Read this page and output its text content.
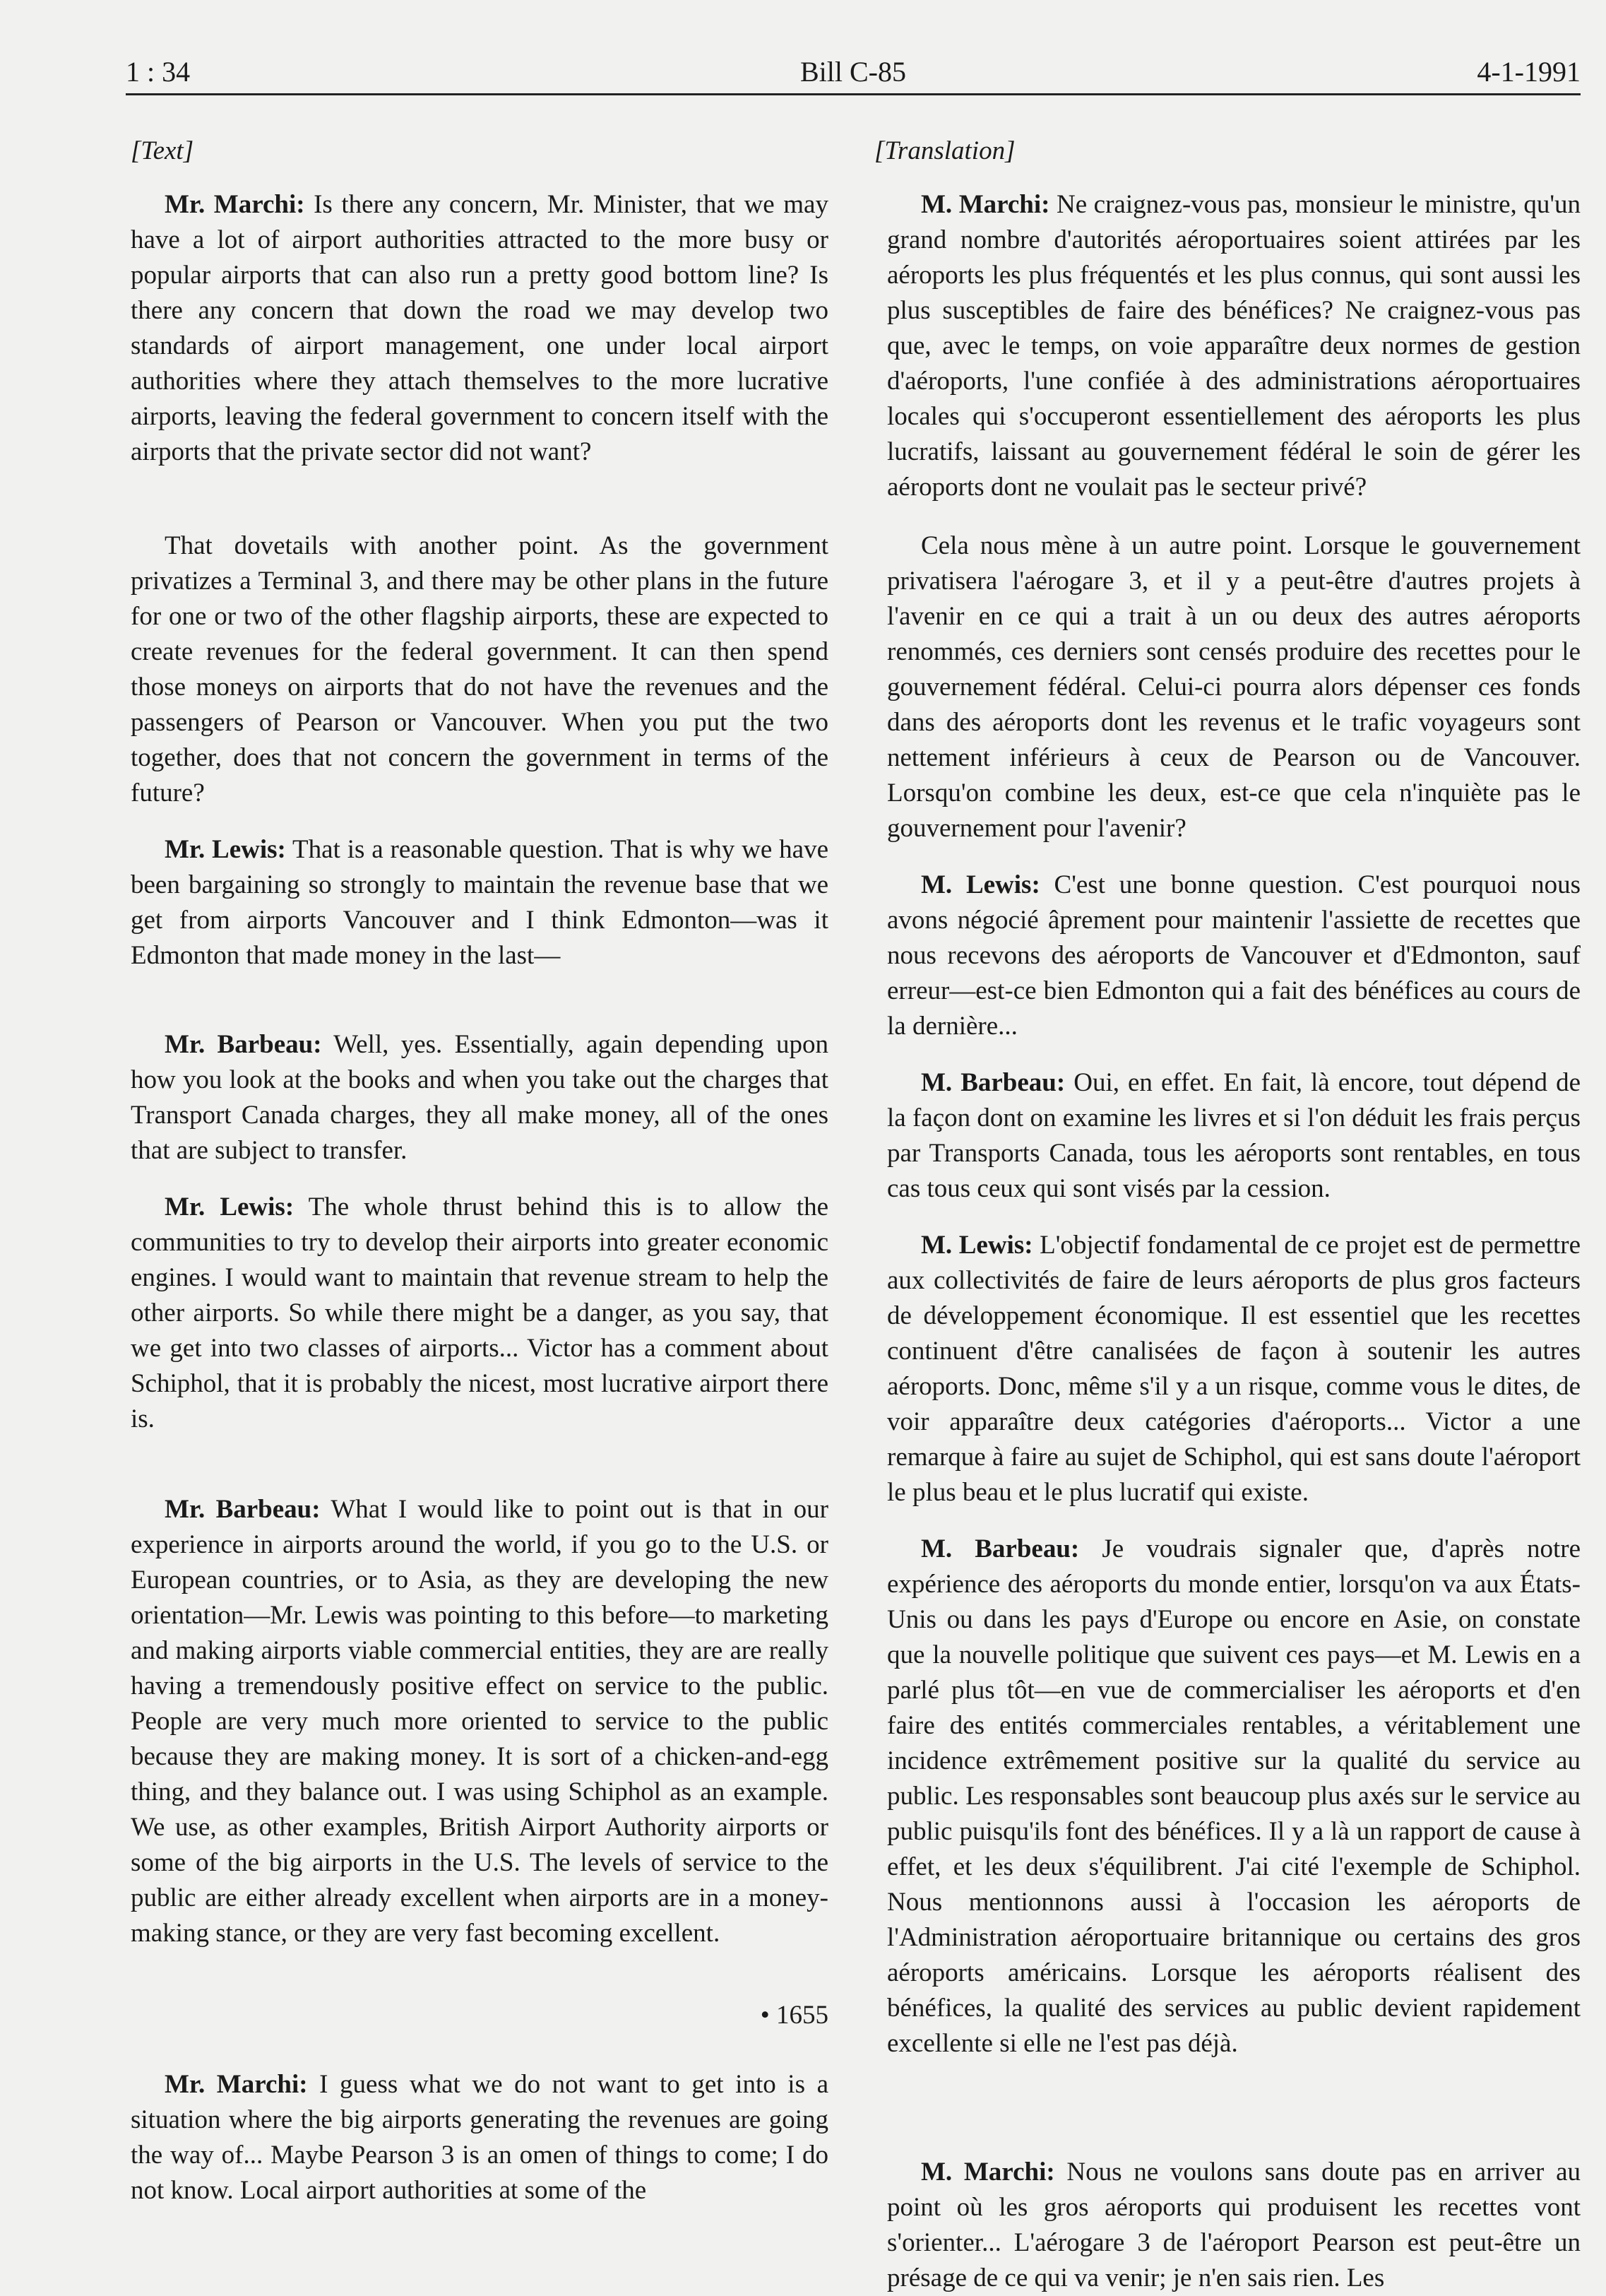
1 : 34	Bill C-85	4-1-1991
[Text]	[Translation]

Mr. Marchi: Is there any concern, Mr. Minister, that we may have a lot of airport authorities attracted to the more busy or popular airports that can also run a pretty good bottom line? Is there any concern that down the road we may develop two standards of airport management, one under local airport authorities where they attach themselves to the more lucrative airports, leaving the federal government to concern itself with the airports that the private sector did not want?

That dovetails with another point. As the government privatizes a Terminal 3, and there may be other plans in the future for one or two of the other flagship airports, these are expected to create revenues for the federal government. It can then spend those moneys on airports that do not have the revenues and the passengers of Pearson or Vancouver. When you put the two together, does that not concern the government in terms of the future?

Mr. Lewis: That is a reasonable question. That is why we have been bargaining so strongly to maintain the revenue base that we get from airports Vancouver and I think Edmonton—was it Edmonton that made money in the last—

Mr. Barbeau: Well, yes. Essentially, again depending upon how you look at the books and when you take out the charges that Transport Canada charges, they all make money, all of the ones that are subject to transfer.

Mr. Lewis: The whole thrust behind this is to allow the communities to try to develop their airports into greater economic engines. I would want to maintain that revenue stream to help the other airports. So while there might be a danger, as you say, that we get into two classes of airports... Victor has a comment about Schiphol, that it is probably the nicest, most lucrative airport there is.

Mr. Barbeau: What I would like to point out is that in our experience in airports around the world, if you go to the U.S. or European countries, or to Asia, as they are developing the new orientation—Mr. Lewis was pointing to this before—to marketing and making airports viable commercial entities, they are are really having a tremendously positive effect on service to the public. People are very much more oriented to service to the public because they are making money. It is sort of a chicken-and-egg thing, and they balance out. I was using Schiphol as an example. We use, as other examples, British Airport Authority airports or some of the big airports in the U.S. The levels of service to the public are either already excellent when airports are in a money-making stance, or they are very fast becoming excellent.

• 1655

Mr. Marchi: I guess what we do not want to get into is a situation where the big airports generating the revenues are going the way of... Maybe Pearson 3 is an omen of things to come; I do not know. Local airport authorities at some of the

M. Marchi: Ne craignez-vous pas, monsieur le ministre, qu'un grand nombre d'autorités aéroportuaires soient attirées par les aéroports les plus fréquentés et les plus connus, qui sont aussi les plus susceptibles de faire des bénéfices? Ne craignez-vous pas que, avec le temps, on voie apparaître deux normes de gestion d'aéroports, l'une confiée à des administrations aéroportuaires locales qui s'occuperont essentiellement des aéroports les plus lucratifs, laissant au gouvernement fédéral le soin de gérer les aéroports dont ne voulait pas le secteur privé?

Cela nous mène à un autre point. Lorsque le gouvernement privatisera l'aérogare 3, et il y a peut-être d'autres projets à l'avenir en ce qui a trait à un ou deux des autres aéroports renommés, ces derniers sont censés produire des recettes pour le gouvernement fédéral. Celui-ci pourra alors dépenser ces fonds dans des aéroports dont les revenus et le trafic voyageurs sont nettement inférieurs à ceux de Pearson ou de Vancouver. Lorsqu'on combine les deux, est-ce que cela n'inquiète pas le gouvernement pour l'avenir?

M. Lewis: C'est une bonne question. C'est pourquoi nous avons négocié âprement pour maintenir l'assiette de recettes que nous recevons des aéroports de Vancouver et d'Edmonton, sauf erreur—est-ce bien Edmonton qui a fait des bénéfices au cours de la dernière...

M. Barbeau: Oui, en effet. En fait, là encore, tout dépend de la façon dont on examine les livres et si l'on déduit les frais perçus par Transports Canada, tous les aéroports sont rentables, en tous cas tous ceux qui sont visés par la cession.

M. Lewis: L'objectif fondamental de ce projet est de permettre aux collectivités de faire de leurs aéroports de plus gros facteurs de développement économique. Il est essentiel que les recettes continuent d'être canalisées de façon à soutenir les autres aéroports. Donc, même s'il y a un risque, comme vous le dites, de voir apparaître deux catégories d'aéroports... Victor a une remarque à faire au sujet de Schiphol, qui est sans doute l'aéroport le plus beau et le plus lucratif qui existe.

M. Barbeau: Je voudrais signaler que, d'après notre expérience des aéroports du monde entier, lorsqu'on va aux États-Unis ou dans les pays d'Europe ou encore en Asie, on constate que la nouvelle politique que suivent ces pays—et M. Lewis en a parlé plus tôt—en vue de commercialiser les aéroports et d'en faire des entités commerciales rentables, a véritablement une incidence extrêmement positive sur la qualité du service au public. Les responsables sont beaucoup plus axés sur le service au public puisqu'ils font des bénéfices. Il y a là un rapport de cause à effet, et les deux s'équilibrent. J'ai cité l'exemple de Schiphol. Nous mentionnons aussi à l'occasion les aéroports de l'Administration aéroportuaire britannique ou certains des gros aéroports américains. Lorsque les aéroports réalisent des bénéfices, la qualité des services au public devient rapidement excellente si elle ne l'est pas déjà.

M. Marchi: Nous ne voulons sans doute pas en arriver au point où les gros aéroports qui produisent les recettes vont s'orienter... L'aérogare 3 de l'aéroport Pearson est peut-être un présage de ce qui va venir; je n'en sais rien. Les
